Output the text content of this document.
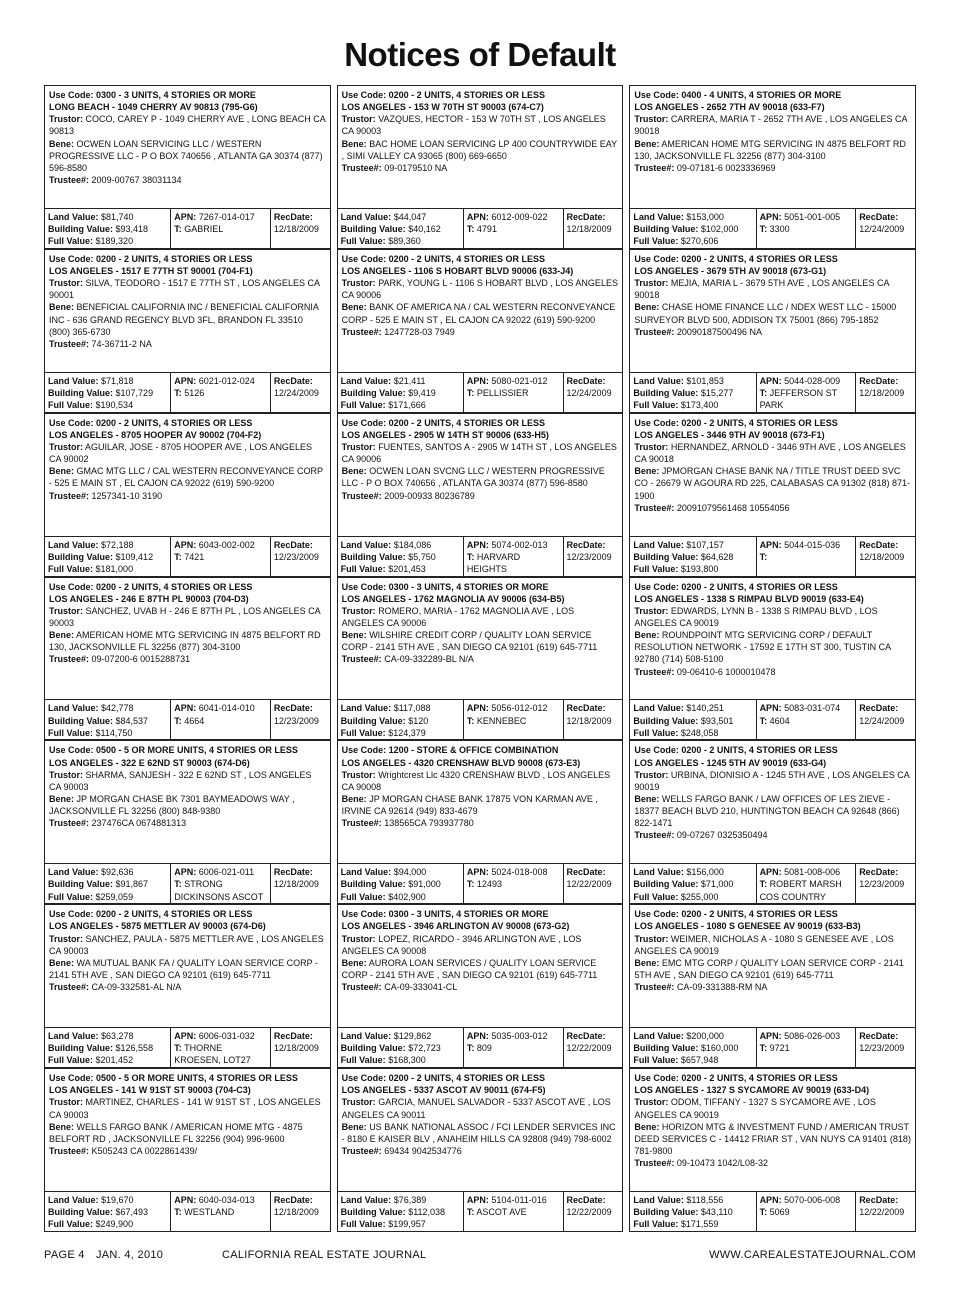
Notices of Default
Use Code: 0300 - 3 UNITS, 4 STORIES OR MORE
LONG BEACH - 1049 CHERRY AV 90813 (795-G6)
Trustor: COCO, CAREY P - 1049 CHERRY AVE , LONG BEACH CA 90813
Bene: OCWEN LOAN SERVICING LLC / WESTERN PROGRESSIVE LLC - P O BOX 740656 , ATLANTA GA 30374 (877) 596-8580
Trustee#: 2009-00767 38031134
Land Value: $81,740
Building Value: $93,418
Full Value: $189,320
APN: 7267-014-017
T: GABRIEL
RecDate:
12/18/2009
Use Code: 0200 - 2 UNITS, 4 STORIES OR LESS
LOS ANGELES - 153 W 70TH ST 90003 (674-C7)
Trustor: VAZQUES, HECTOR - 153 W 70TH ST , LOS ANGELES CA 90003
Bene: BAC HOME LOAN SERVICING LP 400 COUNTRYWIDE EAY , SIMI VALLEY CA 93065 (800) 669-6650
Trustee#: 09-0179510 NA
Land Value: $44,047
Building Value: $40,162
Full Value: $89,360
APN: 6012-009-022
T: 4791
RecDate:
12/18/2009
Use Code: 0400 - 4 UNITS, 4 STORIES OR MORE
LOS ANGELES - 2652 7TH AV 90018 (633-F7)
Trustor: CARRERA, MARIA T - 2652 7TH AVE , LOS ANGELES CA 90018
Bene: AMERICAN HOME MTG SERVICING IN 4875 BELFORT RD 130, JACKSONVILLE FL 32256 (877) 304-3100
Trustee#: 09-07181-6 0023336969
Land Value: $153,000
Building Value: $102,000
Full Value: $270,606
APN: 5051-001-005
T: 3300
RecDate:
12/24/2009
Use Code: 0200 - 2 UNITS, 4 STORIES OR LESS
LOS ANGELES - 1517 E 77TH ST 90001 (704-F1)
Trustor: SILVA, TEODORO - 1517 E 77TH ST , LOS ANGELES CA 90001
Bene: BENEFICIAL CALIFORNIA INC / BENEFICIAL CALIFORNIA INC - 636 GRAND REGENCY BLVD 3FL, BRANDON FL 33510 (800) 365-6730
Trustee#: 74-36711-2 NA
Land Value: $71,818
Building Value: $107,729
Full Value: $190,534
APN: 6021-012-024
T: 5126
RecDate:
12/24/2009
Use Code: 0200 - 2 UNITS, 4 STORIES OR LESS
LOS ANGELES - 1106 S HOBART BLVD 90006 (633-J4)
Trustor: PARK, YOUNG L - 1106 S HOBART BLVD , LOS ANGELES CA 90006
Bene: BANK OF AMERICA NA / CAL WESTERN RECONVEYANCE CORP - 525 E MAIN ST , EL CAJON CA 92022 (619) 590-9200
Trustee#: 1247728-03 7949
Land Value: $21,411
Building Value: $9,419
Full Value: $171,666
APN: 5080-021-012
T: PELLISSIER
RecDate:
12/24/2009
Use Code: 0200 - 2 UNITS, 4 STORIES OR LESS
LOS ANGELES - 3679 5TH AV 90018 (673-G1)
Trustor: MEJIA, MARIA L - 3679 5TH AVE , LOS ANGELES CA 90018
Bene: CHASE HOME FINANCE LLC / NDEX WEST LLC - 15000 SURVEYOR BLVD 500, ADDISON TX 75001 (866) 795-1852
Trustee#: 20090187500496 NA
Land Value: $101,853
Building Value: $15,277
Full Value: $173,400
APN: 5044-028-009
T: JEFFERSON ST PARK
RecDate:
12/18/2009
Use Code: 0200 - 2 UNITS, 4 STORIES OR LESS
LOS ANGELES - 8705 HOOPER AV 90002 (704-F2)
Trustor: AGUILAR, JOSE - 8705 HOOPER AVE , LOS ANGELES CA 90002
Bene: GMAC MTG LLC / CAL WESTERN RECONVEYANCE CORP - 525 E MAIN ST , EL CAJON CA 92022 (619) 590-9200
Trustee#: 1257341-10 3190
Land Value: $72,188
Building Value: $109,412
Full Value: $181,000
APN: 6043-002-002
T: 7421
RecDate:
12/23/2009
Use Code: 0200 - 2 UNITS, 4 STORIES OR LESS
LOS ANGELES - 2905 W 14TH ST 90006 (633-H5)
Trustor: FUENTES, SANTOS A - 2905 W 14TH ST , LOS ANGELES CA 90006
Bene: OCWEN LOAN SVCNG LLC / WESTERN PROGRESSIVE LLC - P O BOX 740656 , ATLANTA GA 30374 (877) 596-8580
Trustee#: 2009-00933 80236789
Land Value: $184,086
Building Value: $5,750
Full Value: $201,453
APN: 5074-002-013
T: HARVARD HEIGHTS
RecDate:
12/23/2009
Use Code: 0200 - 2 UNITS, 4 STORIES OR LESS
LOS ANGELES - 3446 9TH AV 90018 (673-F1)
Trustor: HERNANDEZ, ARNOLD - 3446 9TH AVE , LOS ANGELES CA 90018
Bene: JPMORGAN CHASE BANK NA / TITLE TRUST DEED SVC CO - 26679 W AGOURA RD 225, CALABASAS CA 91302 (818) 871-1900
Trustee#: 20091079561468 10554056
Land Value: $107,157
Building Value: $64,628
Full Value: $193,800
APN: 5044-015-036
T:
RecDate:
12/18/2009
Use Code: 0200 - 2 UNITS, 4 STORIES OR LESS
LOS ANGELES - 246 E 87TH PL 90003 (704-D3)
Trustor: SANCHEZ, UVAB H - 246 E 87TH PL , LOS ANGELES CA 90003
Bene: AMERICAN HOME MTG SERVICING IN 4875 BELFORT RD 130, JACKSONVILLE FL 32256 (877) 304-3100
Trustee#: 09-07200-6 0015288731
Land Value: $42,778
Building Value: $84,537
Full Value: $114,750
APN: 6041-014-010
T: 4664
RecDate:
12/23/2009
Use Code: 0300 - 3 UNITS, 4 STORIES OR MORE
LOS ANGELES - 1762 MAGNOLIA AV 90006 (634-B5)
Trustor: ROMERO, MARIA - 1762 MAGNOLIA AVE , LOS ANGELES CA 90006
Bene: WILSHIRE CREDIT CORP / QUALITY LOAN SERVICE CORP - 2141 5TH AVE , SAN DIEGO CA 92101 (619) 645-7711
Trustee#: CA-09-332289-BL N/A
Land Value: $117,088
Building Value: $120
Full Value: $124,379
APN: 5056-012-012
T: KENNEBEC
RecDate:
12/18/2009
Use Code: 0200 - 2 UNITS, 4 STORIES OR LESS
LOS ANGELES - 1338 S RIMPAU BLVD 90019 (633-E4)
Trustor: EDWARDS, LYNN B - 1338 S RIMPAU BLVD , LOS ANGELES CA 90019
Bene: ROUNDPOINT MTG SERVICING CORP / DEFAULT RESOLUTION NETWORK - 17592 E 17TH ST 300, TUSTIN CA 92780 (714) 508-5100
Trustee#: 09-06410-6 1000010478
Land Value: $140,251
Building Value: $93,501
Full Value: $248,058
APN: 5083-031-074
T: 4604
RecDate:
12/24/2009
Use Code: 0500 - 5 OR MORE UNITS, 4 STORIES OR LESS
LOS ANGELES - 322 E 62ND ST 90003 (674-D6)
Trustor: SHARMA, SANJESH - 322 E 62ND ST , LOS ANGELES CA 90003
Bene: JP MORGAN CHASE BK 7301 BAYMEADOWS WAY , JACKSONVILLE FL 32256 (800) 848-9380
Trustee#: 237476CA 0674881313
Land Value: $92,636
Building Value: $91,867
Full Value: $259,059
APN: 6006-021-011
T: STRONG DICKINSONS ASCOT
RecDate:
12/18/2009
Use Code: 1200 - STORE & OFFICE COMBINATION
LOS ANGELES - 4320 CRENSHAW BLVD 90008 (673-E3)
Trustor: Wrightcrest Llc 4320 CRENSHAW BLVD , LOS ANGELES CA 90008
Bene: JP MORGAN CHASE BANK 17875 VON KARMAN AVE , IRVINE CA 92614 (949) 833-4679
Trustee#: 138565CA 793937780
Land Value: $94,000
Building Value: $91,000
Full Value: $402,900
APN: 5024-018-008
T: 12493
RecDate:
12/22/2009
Use Code: 0200 - 2 UNITS, 4 STORIES OR LESS
LOS ANGELES - 1245 5TH AV 90019 (633-G4)
Trustor: URBINA, DIONISIO A - 1245 5TH AVE , LOS ANGELES CA 90019
Bene: WELLS FARGO BANK / LAW OFFICES OF LES ZIEVE - 18377 BEACH BLVD 210, HUNTINGTON BEACH CA 92648 (866) 822-1471
Trustee#: 09-07267 0325350494
Land Value: $156,000
Building Value: $71,000
Full Value: $255,000
APN: 5081-008-006
T: ROBERT MARSH COS COUNTRY
RecDate:
12/23/2009
Use Code: 0200 - 2 UNITS, 4 STORIES OR LESS
LOS ANGELES - 5875 METTLER AV 90003 (674-D6)
Trustor: SANCHEZ, PAULA - 5875 METTLER AVE , LOS ANGELES CA 90003
Bene: WA MUTUAL BANK FA / QUALITY LOAN SERVICE CORP - 2141 5TH AVE , SAN DIEGO CA 92101 (619) 645-7711
Trustee#: CA-09-332581-AL N/A
Land Value: $63,278
Building Value: $126,558
Full Value: $201,452
APN: 6006-031-032
T: THORNE KROESEN, LOT27
RecDate:
12/18/2009
Use Code: 0300 - 3 UNITS, 4 STORIES OR MORE
LOS ANGELES - 3946 ARLINGTON AV 90008 (673-G2)
Trustor: LOPEZ, RICARDO - 3946 ARLINGTON AVE , LOS ANGELES CA 90008
Bene: AURORA LOAN SERVICES / QUALITY LOAN SERVICE CORP - 2141 5TH AVE , SAN DIEGO CA 92101 (619) 645-7711
Trustee#: CA-09-333041-CL
Land Value: $129,862
Building Value: $72,723
Full Value: $168,300
APN: 5035-003-012
T: 809
RecDate:
12/22/2009
Use Code: 0200 - 2 UNITS, 4 STORIES OR LESS
LOS ANGELES - 1080 S GENESEE AV 90019 (633-B3)
Trustor: WEIMER, NICHOLAS A - 1080 S GENESEE AVE , LOS ANGELES CA 90019
Bene: EMC MTG CORP / QUALITY LOAN SERVICE CORP - 2141 5TH AVE , SAN DIEGO CA 92101 (619) 645-7711
Trustee#: CA-09-331388-RM NA
Land Value: $200,000
Building Value: $160,000
Full Value: $657,948
APN: 5086-026-003
T: 9721
RecDate:
12/23/2009
Use Code: 0500 - 5 OR MORE UNITS, 4 STORIES OR LESS
LOS ANGELES - 141 W 91ST ST 90003 (704-C3)
Trustor: MARTINEZ, CHARLES - 141 W 91ST ST , LOS ANGELES CA 90003
Bene: WELLS FARGO BANK / AMERICAN HOME MTG - 4875 BELFORT RD , JACKSONVILLE FL 32256 (904) 996-9600
Trustee#: K505243 CA 0022861439/
Land Value: $19,670
Building Value: $67,493
Full Value: $249,900
APN: 6040-034-013
T: WESTLAND
RecDate:
12/18/2009
Use Code: 0200 - 2 UNITS, 4 STORIES OR LESS
LOS ANGELES - 5337 ASCOT AV 90011 (674-F5)
Trustor: GARCIA, MANUEL SALVADOR - 5337 ASCOT AVE , LOS ANGELES CA 90011
Bene: US BANK NATIONAL ASSOC / FCI LENDER SERVICES INC - 8180 E KAISER BLV , ANAHEIM HILLS CA 92808 (949) 798-6002
Trustee#: 69434 9042534776
Land Value: $76,389
Building Value: $112,038
Full Value: $199,957
APN: 5104-011-016
T: ASCOT AVE
RecDate:
12/22/2009
Use Code: 0200 - 2 UNITS, 4 STORIES OR LESS
LOS ANGELES - 1327 S SYCAMORE AV 90019 (633-D4)
Trustor: ODOM, TIFFANY - 1327 S SYCAMORE AVE , LOS ANGELES CA 90019
Bene: HORIZON MTG & INVESTMENT FUND / AMERICAN TRUST DEED SERVICES C - 14412 FRIAR ST , VAN NUYS CA 91401 (818) 781-9800
Trustee#: 09-10473 1042/L08-32
Land Value: $118,556
Building Value: $43,110
Full Value: $171,559
APN: 5070-006-008
T: 5069
RecDate:
12/22/2009
PAGE 4	JAN. 4, 2010	CALIFORNIA REAL ESTATE JOURNAL	WWW.CAREALESTATEJOURNAL.COM
